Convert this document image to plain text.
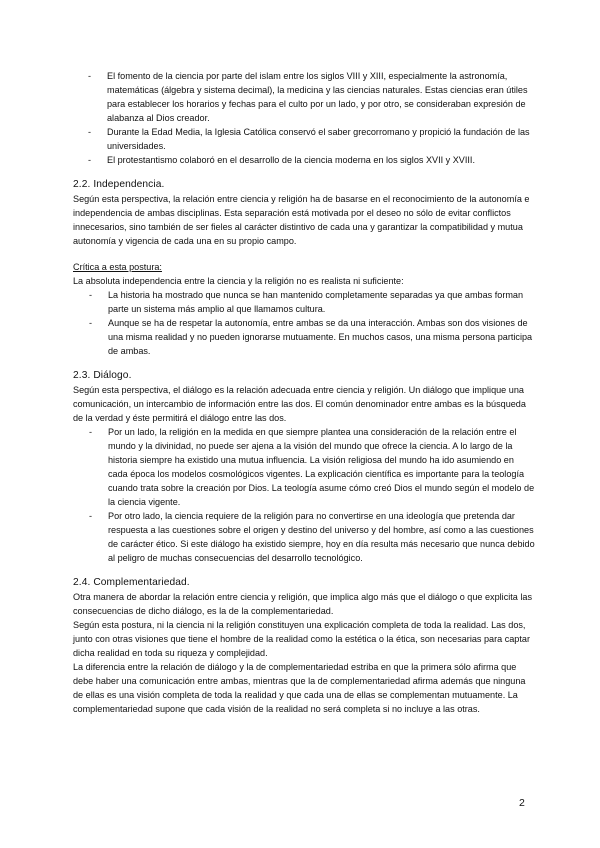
- El fomento de la ciencia por parte del islam entre los siglos VIII y XIII, especialmente la astronomía, matemáticas (álgebra y sistema decimal), la medicina y las ciencias naturales. Estas ciencias eran útiles para establecer los horarios y fechas para el culto por un lado, y por otro, se consideraban expresión de alabanza al Dios creador.
- Durante la Edad Media, la Iglesia Católica conservó el saber grecorromano y propició la fundación de las universidades.
- El protestantismo colaboró en el desarrollo de la ciencia moderna en los siglos XVII y XVIII.
2.2. Independencia.

Según esta perspectiva, la relación entre ciencia y religión ha de basarse en el reconocimiento de la autonomía e independencia de ambas disciplinas. Esta separación está motivada por el deseo no sólo de evitar conflictos innecesarios, sino también de ser fieles al carácter distintivo de cada una y garantizar la compatibilidad y mutua autonomía y vigencia de cada una en su propio campo.

Crítica a esta postura:

La absoluta independencia entre la ciencia y la religión no es realista ni suficiente:

- La historia ha mostrado que nunca se han mantenido completamente separadas ya que ambas forman parte un sistema más amplio al que llamamos cultura.
- Aunque se ha de respetar la autonomía, entre ambas se da una interacción. Ambas son dos visiones de una misma realidad y no pueden ignorarse mutuamente. En muchos casos, una misma persona participa de ambas.
2.3. Diálogo.

Según esta perspectiva, el diálogo es la relación adecuada entre ciencia y religión. Un diálogo que implique una comunicación, un intercambio de información entre las dos. El común denominador entre ambas es la búsqueda de la verdad y éste permitirá el diálogo entre las dos.

- Por un lado, la religión en la medida en que siempre plantea una consideración de la relación entre el mundo y la divinidad, no puede ser ajena a la visión del mundo que ofrece la ciencia. A lo largo de la historia siempre ha existido una mutua influencia. La visión religiosa del mundo ha ido asumiendo en cada época los modelos cosmológicos vigentes. La explicación científica es importante para la teología cuando trata sobre la creación por Dios. La teología asume cómo creó Dios el mundo según el modelo de la ciencia vigente.
- Por otro lado, la ciencia requiere de la religión para no convertirse en una ideología que pretenda dar respuesta a las cuestiones sobre el origen y destino del universo y del hombre, así como a las cuestiones de carácter ético. Si este diálogo ha existido siempre, hoy en día resulta más necesario que nunca debido al peligro de muchas consecuencias del desarrollo tecnológico.
2.4. Complementariedad.

Otra manera de abordar la relación entre ciencia y religión, que implica algo más que el diálogo o que explicita las consecuencias de dicho diálogo, es la de la complementariedad.

Según esta postura, ni la ciencia ni la religión constituyen una explicación completa de toda la realidad. Las dos, junto con otras visiones que tiene el hombre de la realidad como la estética o la ética, son necesarias para captar dicha realidad en toda su riqueza y complejidad.

La diferencia entre la relación de diálogo y la de complementariedad estriba en que la primera sólo afirma que debe haber una comunicación entre ambas, mientras que la de complementariedad afirma además que ninguna de ellas es una visión completa de toda la realidad y que cada una de ellas se complementan mutuamente. La complementariedad supone que cada visión de la realidad no será completa si no incluye a las otras.

2
